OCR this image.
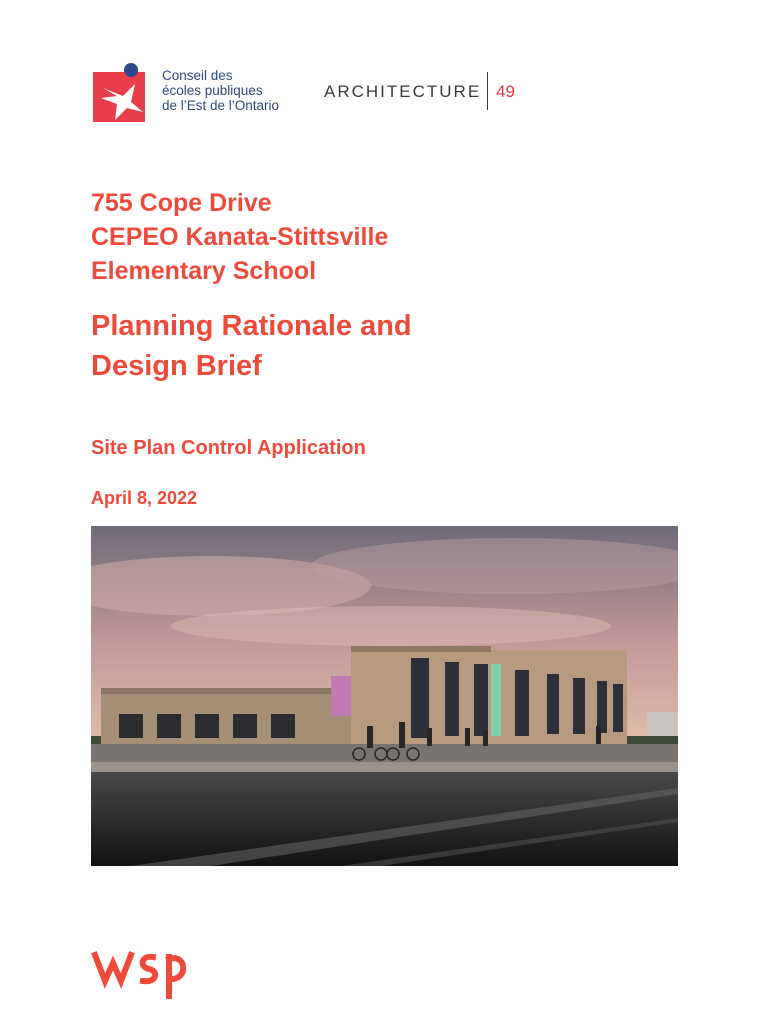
Conseil des
écoles publiques
de l’Est de l’Ontario
ARCHITECTURE 49

755 Cope Drive
CEPEO Kanata-Stittsville
Elementary School

Planning Rationale and
Design Brief

Site Plan Control Application
April 8, 2022
